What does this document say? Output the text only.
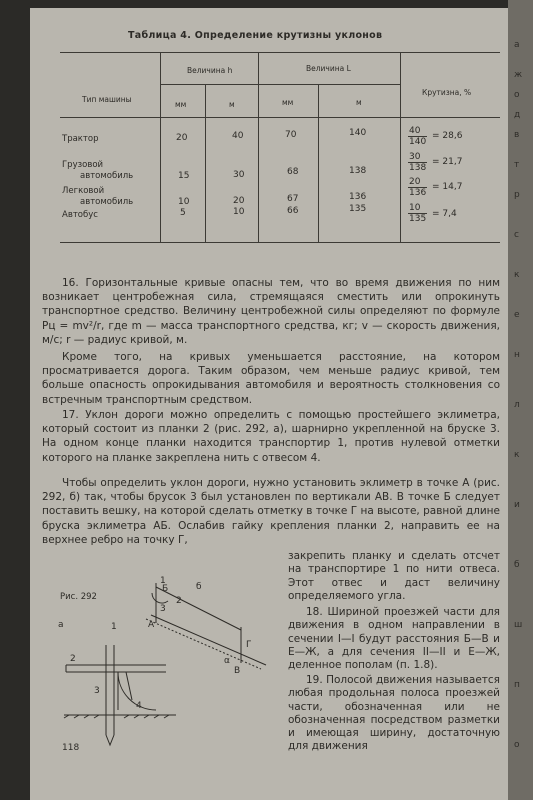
а
ж
о
д
в
т
р
с
к
е
н
л
к
и
б
ш
п
о
Таблица 4. Определение крутизны уклонов
Тип машины
Величина h	Величина L
Крутизна, %
мм	м	мм	м
Трактор	20	40	70	140	$\frac{40}{140} = 28,6$
Грузовой
автомобиль	15	30	68	138	$\frac{30}{138} = 21,7$
Легковой
автомобиль	10	20	67	136	$\frac{20}{136} = 14,7$
Автобус	5	10	66	135	$\frac{10}{135} = 7,4$

16. Горизонтальные кривые опасны тем, что во время движения по ним возникает центробежная сила, стремящаяся сместить или опрокинуть транспортное средство. Величину центробежной силы определяют по формуле Pц = mv²/r, где m — масса транспортного средства, кг; v — скорость движения, м/с; r — радиус кривой, м.

Кроме того, на кривых уменьшается расстояние, на котором просматривается дорога. Таким образом, чем меньше радиус кривой, тем больше опасность опрокидывания автомобиля и вероятность столкновения со встречным транспортным средством.

17. Уклон дороги можно определить с помощью простейшего эклиметра, который состоит из планки 2 (рис. 292, а), шарнирно укрепленной на бруске 3. На одном конце планки находится транспортир 1, против нулевой отметки которого на планке закреплена нить с отвесом 4.

Чтобы определить уклон дороги, нужно установить эклиметр в точке А (рис. 292, б) так, чтобы брусок 3 был установлен по вертикали АВ. В точке Б следует поставить вешку, на которой сделать отметку в точке Г на высоте, равной длине бруска эклиметра АБ. Ослабив гайку крепления планки 2, направить ее на верхнее ребро на точку Г,

закрепить планку и сделать отсчет на транспортире 1 по нити отвеса. Этот отвес и даст величину определяемого угла.

18. Шириной проезжей части для движения в одном направлении в сечении I—I будут расстояния Б—В и Е—Ж, а для сечения II—II и Е—Ж, деленное пополам (п. 1.8).

19. Полосой движения называется любая продольная полоса проезжей части, обозначенная или не обозначенная посредством разметки и имеющая ширину, достаточную для движения

Рис. 292
а
б
1
2
3
4
1
2
3
А
Б
В
Г
α
118
